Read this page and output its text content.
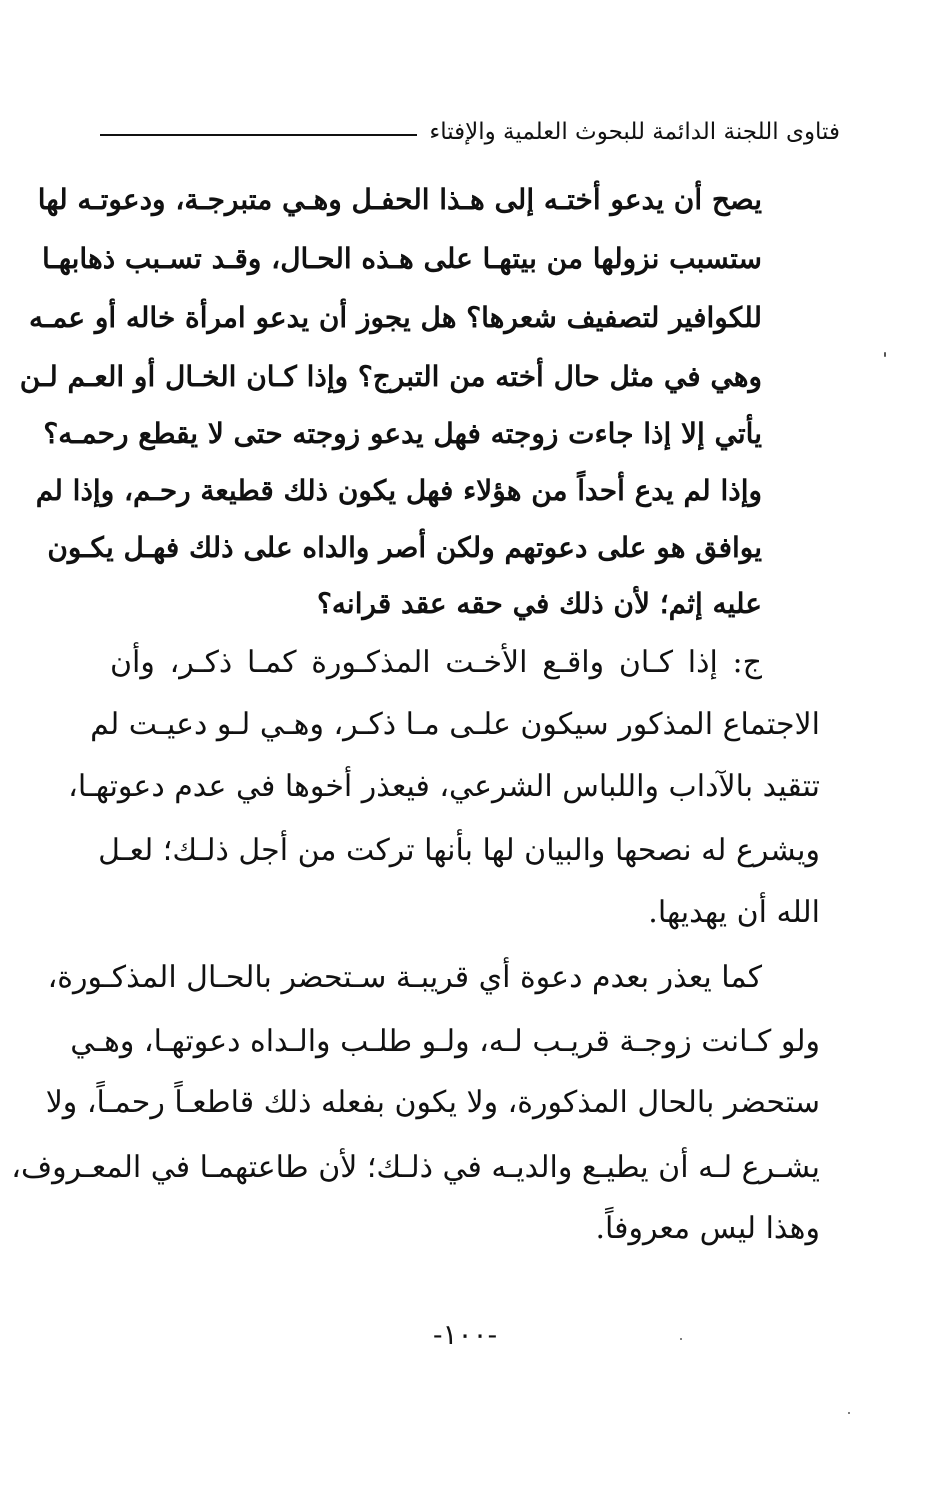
فتاوى اللجنة الدائمة للبحوث العلمية والإفتاء
يصح أن يدعو أختـه إلى هـذا الحفـل وهـي متبرجـة، ودعوتـه لها
ستسبب نزولها من بيتهـا على هـذه الحـال، وقـد تسـبب ذهابهـا
للكوافير لتصفيف شعرها؟ هل يجوز أن يدعو امرأة خاله أو عمـه
وهي في مثل حال أخته من التبرج؟ وإذا كـان الخـال أو العـم لـن
يأتي إلا إذا جاءت زوجته فهل يدعو زوجته حتى لا يقطع رحمـه؟
وإذا لم يدع أحداً من هؤلاء فهل يكون ذلك قطيعة رحـم، وإذا لم
يوافق هو على دعوتهم ولكن أصر والداه على ذلك فهـل يكـون
عليه إثم؛ لأن ذلك في حقه عقد قرانه؟
ج: إذا كـان واقـع الأخـت المذكـورة كمـا ذكـر، وأن
الاجتماع المذكور سيكون علـى مـا ذكـر، وهـي لـو دعيـت لم
تتقيد بالآداب واللباس الشرعي، فيعذر أخوها في عدم دعوتهـا،
ويشرع له نصحها والبيان لها بأنها تركت من أجل ذلـك؛ لعـل
الله أن يهديها.
كما يعذر بعدم دعوة أي قريبـة سـتحضر بالحـال المذكـورة،
ولو كـانت زوجـة قريـب لـه، ولـو طلـب والـداه دعوتهـا، وهـي
ستحضر بالحال المذكورة، ولا يكون بفعله ذلك قاطعـاً رحمـاً، ولا
يشـرع لـه أن يطيـع والديـه في ذلـك؛ لأن طاعتهمـا في المعـروف،
وهذا ليس معروفاً.
-١٠٠-
